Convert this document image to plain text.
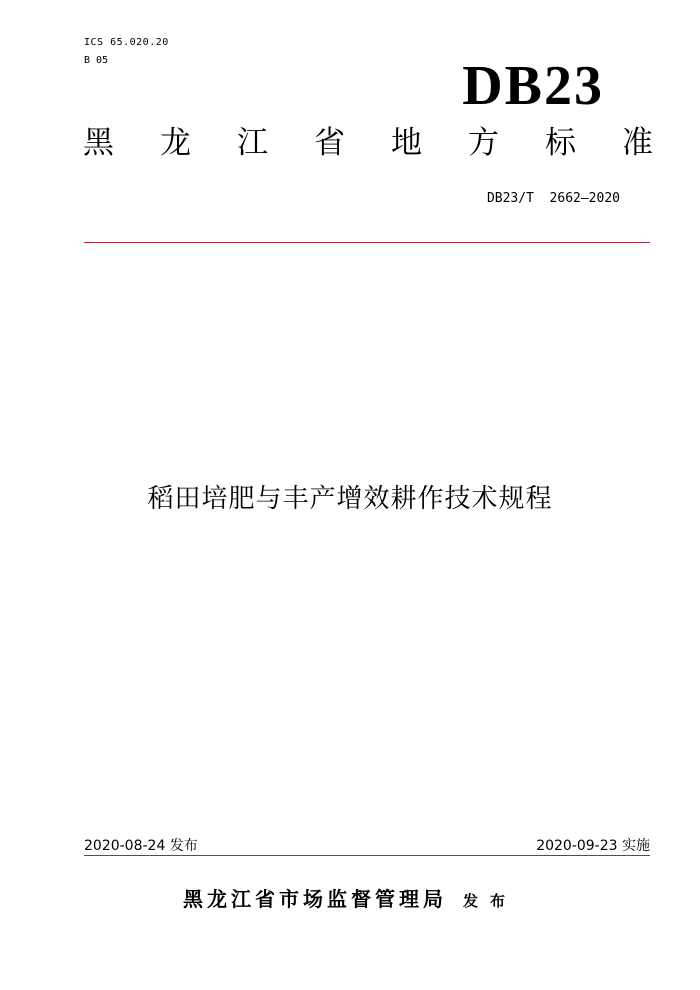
ICS 65.020.20
B 05	DB23
黑 龙 江 省 地 方 标 准
DB23/T  2662—2020
稻田培肥与丰产增效耕作技术规程
2020-08-24 发布	2020-09-23 实施
黑龙江省市场监督管理局 发布
